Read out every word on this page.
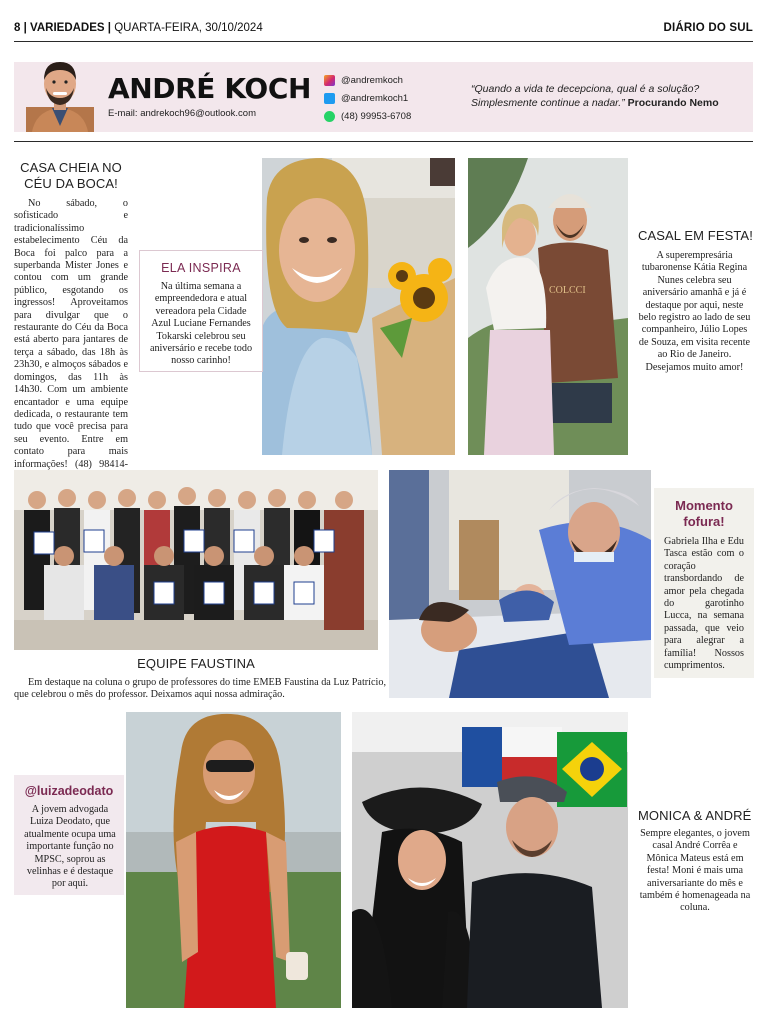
8 | VARIEDADES | QUARTA-FEIRA, 30/10/2024	DIÁRIO DO SUL
ANDRÉ KOCH
E-mail: andrekoch96@outlook.com
@andremkoch
@andremkoch1
(48) 99953-6708
“Quando a vida te decepciona, qual é a solução? Simplesmente continue a nadar.” Procurando Nemo
CASA CHEIA NO CÉU DA BOCA!

No sábado, o sofisticado e tradicionalíssimo estabelecimento Céu da Boca foi palco para a superbanda Mister Jones e contou com um grande público, esgotando os ingressos! Aproveitamos para divulgar que o restaurante do Céu da Boca está aberto para jantares de terça a sábado, das 18h às 23h30, e almoços sábados e domingos, das 11h às 14h30. Com um ambiente encantador e uma equipe dedicada, o restaurante tem tudo que você precisa para seu evento. Entre em contato para mais informações! (48) 98414-

ELA INSPIRA
Na última semana a empreendedora e atual vereadora pela Cidade Azul Luciane Fernandes Tokarski celebrou seu aniversário e recebe todo nosso carinho!
COLCCI
CASAL EM FESTA!
A superempresária tubaronense Kátia Regina Nunes celebra seu aniversário amanhã e já é destaque por aqui, neste belo registro ao lado de seu companheiro, Júlio Lopes de Souza, em visita recente ao Rio de Janeiro. Desejamos muito amor!
EQUIPE FAUSTINA

Em destaque na coluna o grupo de professores do time EMEB Faustina da Luz Patrício, que celebrou o mês do professor. Deixamos aqui nossa admiração.

Momento fofura!
Gabriela Ilha e Edu Tasca estão com o coração transbordando de amor pela chegada do garotinho Lucca, na semana passada, que veio para alegrar a família! Nossos cumprimentos.
@luizadeodato
A jovem advogada Luiza Deodato, que atualmente ocupa uma importante função no MPSC, soprou as velinhas e é destaque por aqui.
MONICA & ANDRÉ
Sempre elegantes, o jovem casal André Corrêa e Mônica Mateus está em festa! Moni é mais uma aniversariante do mês e também é homenageada na coluna.
